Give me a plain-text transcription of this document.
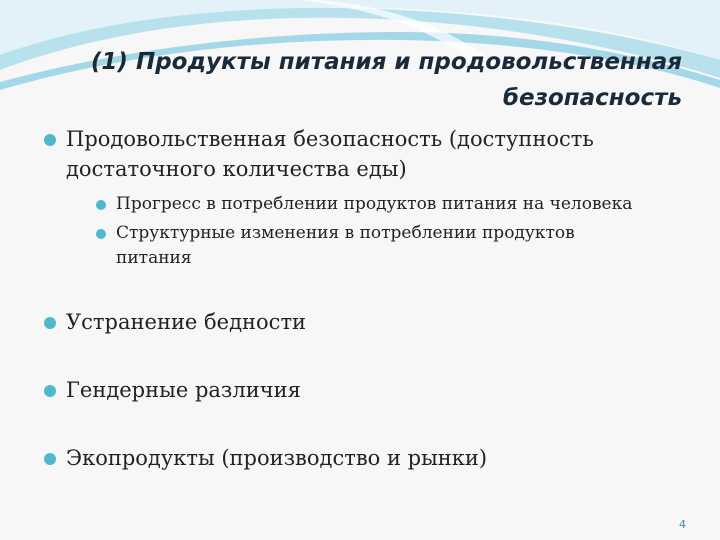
(1) Продукты питания и продовольственная
безопасность
Продовольственная безопасность (доступность
достаточного количества еды)
Прогресс в потреблении продуктов питания на человека
Структурные изменения в потреблении продуктов
питания
Устранение бедности
Гендерные различия
Экопродукты (производство и рынки)
4
